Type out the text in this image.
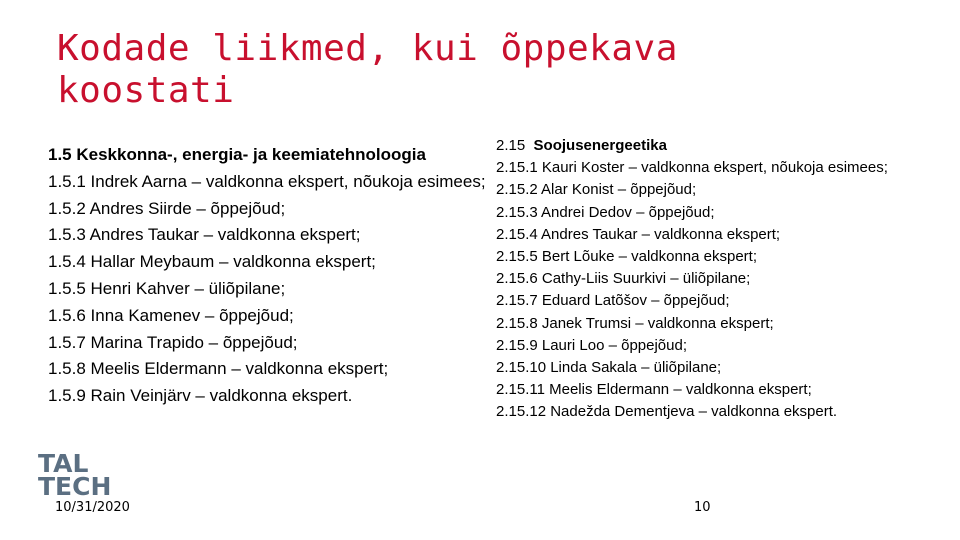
Kodade liikmed, kui õppekava
koostati
1.5 Keskkonna-, energia- ja keemiatehnoloogia
1.5.1 Indrek Aarna – valdkonna ekspert, nõukoja esimees;
1.5.2 Andres Siirde – õppejõud;
1.5.3 Andres Taukar – valdkonna ekspert;
1.5.4 Hallar Meybaum – valdkonna ekspert;
1.5.5 Henri Kahver – üliõpilane;
1.5.6 Inna Kamenev – õppejõud;
1.5.7 Marina Trapido – õppejõud;
1.5.8 Meelis Eldermann – valdkonna ekspert;
1.5.9 Rain Veinjärv – valdkonna ekspert.
2.15 Soojusenergeetika
2.15.1 Kauri Koster – valdkonna ekspert, nõukoja esimees;
2.15.2 Alar Konist – õppejõud;
2.15.3 Andrei Dedov – õppejõud;
2.15.4 Andres Taukar – valdkonna ekspert;
2.15.5 Bert Lõuke – valdkonna ekspert;
2.15.6 Cathy-Liis Suurkivi – üliõpilane;
2.15.7 Eduard Latõšov – õppejõud;
2.15.8 Janek Trumsi – valdkonna ekspert;
2.15.9 Lauri Loo – õppejõud;
2.15.10 Linda Sakala – üliõpilane;
2.15.11 Meelis Eldermann – valdkonna ekspert;
2.15.12 Nadežda Dementjeva – valdkonna ekspert.
TAL
TECH
10/31/2020	10
